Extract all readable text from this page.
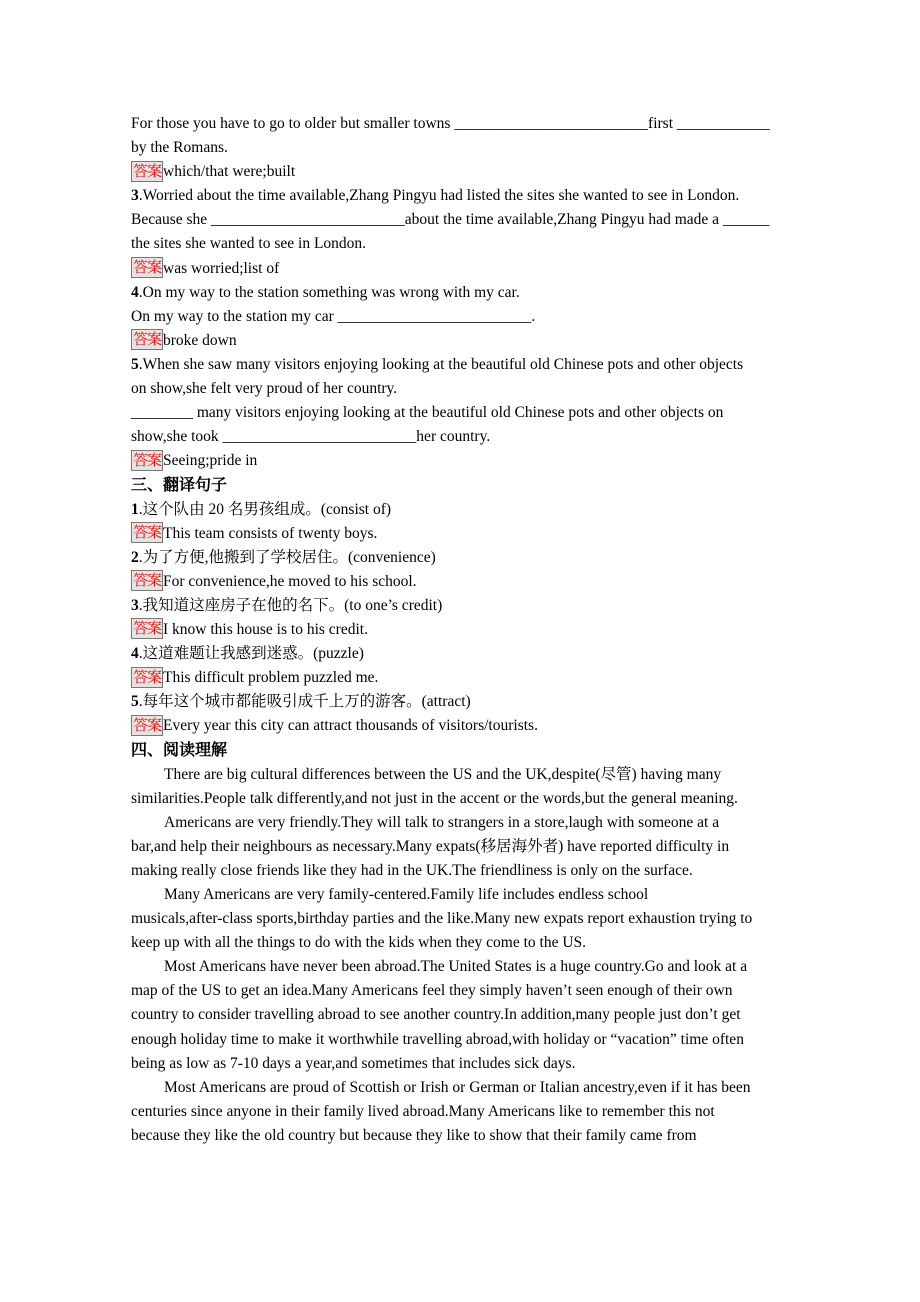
For those you have to go to older but smaller towns _________________________first ____________
by the Romans.
答案 which/that were;built
3.Worried about the time available,Zhang Pingyu had listed the sites she wanted to see in London.
Because she _________________________about the time available,Zhang Pingyu had made a ______
the sites she wanted to see in London.
答案 was worried;list of
4.On my way to the station something was wrong with my car.
On my way to the station my car _________________________.
答案 broke down
5.When she saw many visitors enjoying looking at the beautiful old Chinese pots and other objects
on show,she felt very proud of her country.
________ many visitors enjoying looking at the beautiful old Chinese pots and other objects on
show,she took _________________________her country.
答案 Seeing;pride in
三、翻译句子
1.这个队由 20 名男孩组成。(consist of)
答案 This team consists of twenty boys.
2.为了方便,他搬到了学校居住。(convenience)
答案 For convenience,he moved to his school.
3.我知道这座房子在他的名下。(to one’s credit)
答案 I know this house is to his credit.
4.这道难题让我感到迷惑。(puzzle)
答案 This difficult problem puzzled me.
5.每年这个城市都能吸引成千上万的游客。(attract)
答案 Every year this city can attract thousands of visitors/tourists.
四、阅读理解
There are big cultural differences between the US and the UK,despite(尽管) having many
similarities.People talk differently,and not just in the accent or the words,but the general meaning.
Americans are very friendly.They will talk to strangers in a store,laugh with someone at a
bar,and help their neighbours as necessary.Many expats(移居海外者) have reported difficulty in
making really close friends like they had in the UK.The friendliness is only on the surface.
Many Americans are very family-centered.Family life includes endless school
musicals,after-class sports,birthday parties and the like.Many new expats report exhaustion trying to
keep up with all the things to do with the kids when they come to the US.
Most Americans have never been abroad.The United States is a huge country.Go and look at a
map of the US to get an idea.Many Americans feel they simply haven’t seen enough of their own
country to consider travelling abroad to see another country.In addition,many people just don’t get
enough holiday time to make it worthwhile travelling abroad,with holiday or “vacation” time often
being as low as 7-10 days a year,and sometimes that includes sick days.
Most Americans are proud of Scottish or Irish or German or Italian ancestry,even if it has been
centuries since anyone in their family lived abroad.Many Americans like to remember this not
because they like the old country but because they like to show that their family came from
